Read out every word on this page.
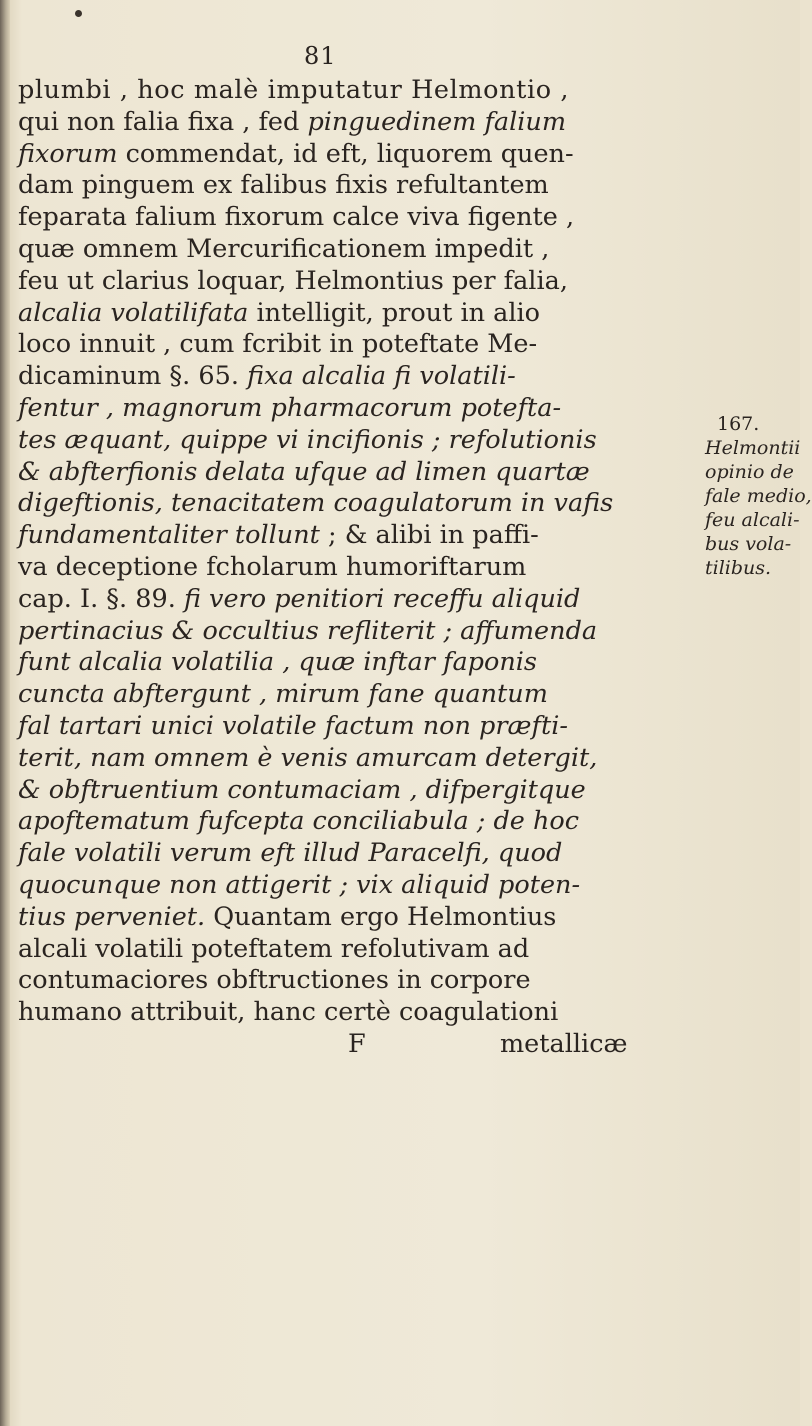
81
plumbi , hoc malè imputatur Helmontio ,
qui non falia fixa , fed pinguedinem falium
fixorum commendat, id eft, liquorem quen-
dam pinguem ex falibus fixis refultantem
feparata falium fixorum calce viva figente ,
quæ omnem Mercurificationem impedit ,
feu ut clarius loquar, Helmontius per falia,
alcalia volatilifata intelligit, prout in alio
loco innuit , cum fcribit in poteftate Me-
dicaminum §. 65. fixa alcalia fi volatili-
fentur , magnorum pharmacorum potefta-
tes æquant, quippe vi incifionis ; refolutionis
& abfterfionis delata ufque ad limen quartæ
digeftionis, tenacitatem coagulatorum in vafis
fundamentaliter tollunt ; & alibi in paffi-
va deceptione fcholarum humoriftarum
cap. I. §. 89. fi vero penitiori receffu aliquid
pertinacius & occultius refliterit ; affumenda
funt alcalia volatilia , quæ inftar faponis
cuncta abftergunt , mirum fane quantum
fal tartari unici volatile factum non præfti-
terit, nam omnem è venis amurcam detergit,
& obftruentium contumaciam , difpergitque
apoftematum fufcepta conciliabula ; de hoc
fale volatili verum eft illud Paracelfi, quod
quocunque non attigerit ; vix aliquid poten-
tius perveniet. Quantam ergo Helmontius
alcali volatili poteftatem refolutivam ad
contumaciores obftructiones in corpore
humano attribuit, hanc certè coagulationi
F	metallicæ
167.
Helmontii
opinio de
fale medio,
feu alcali-
bus vola-
tilibus.
